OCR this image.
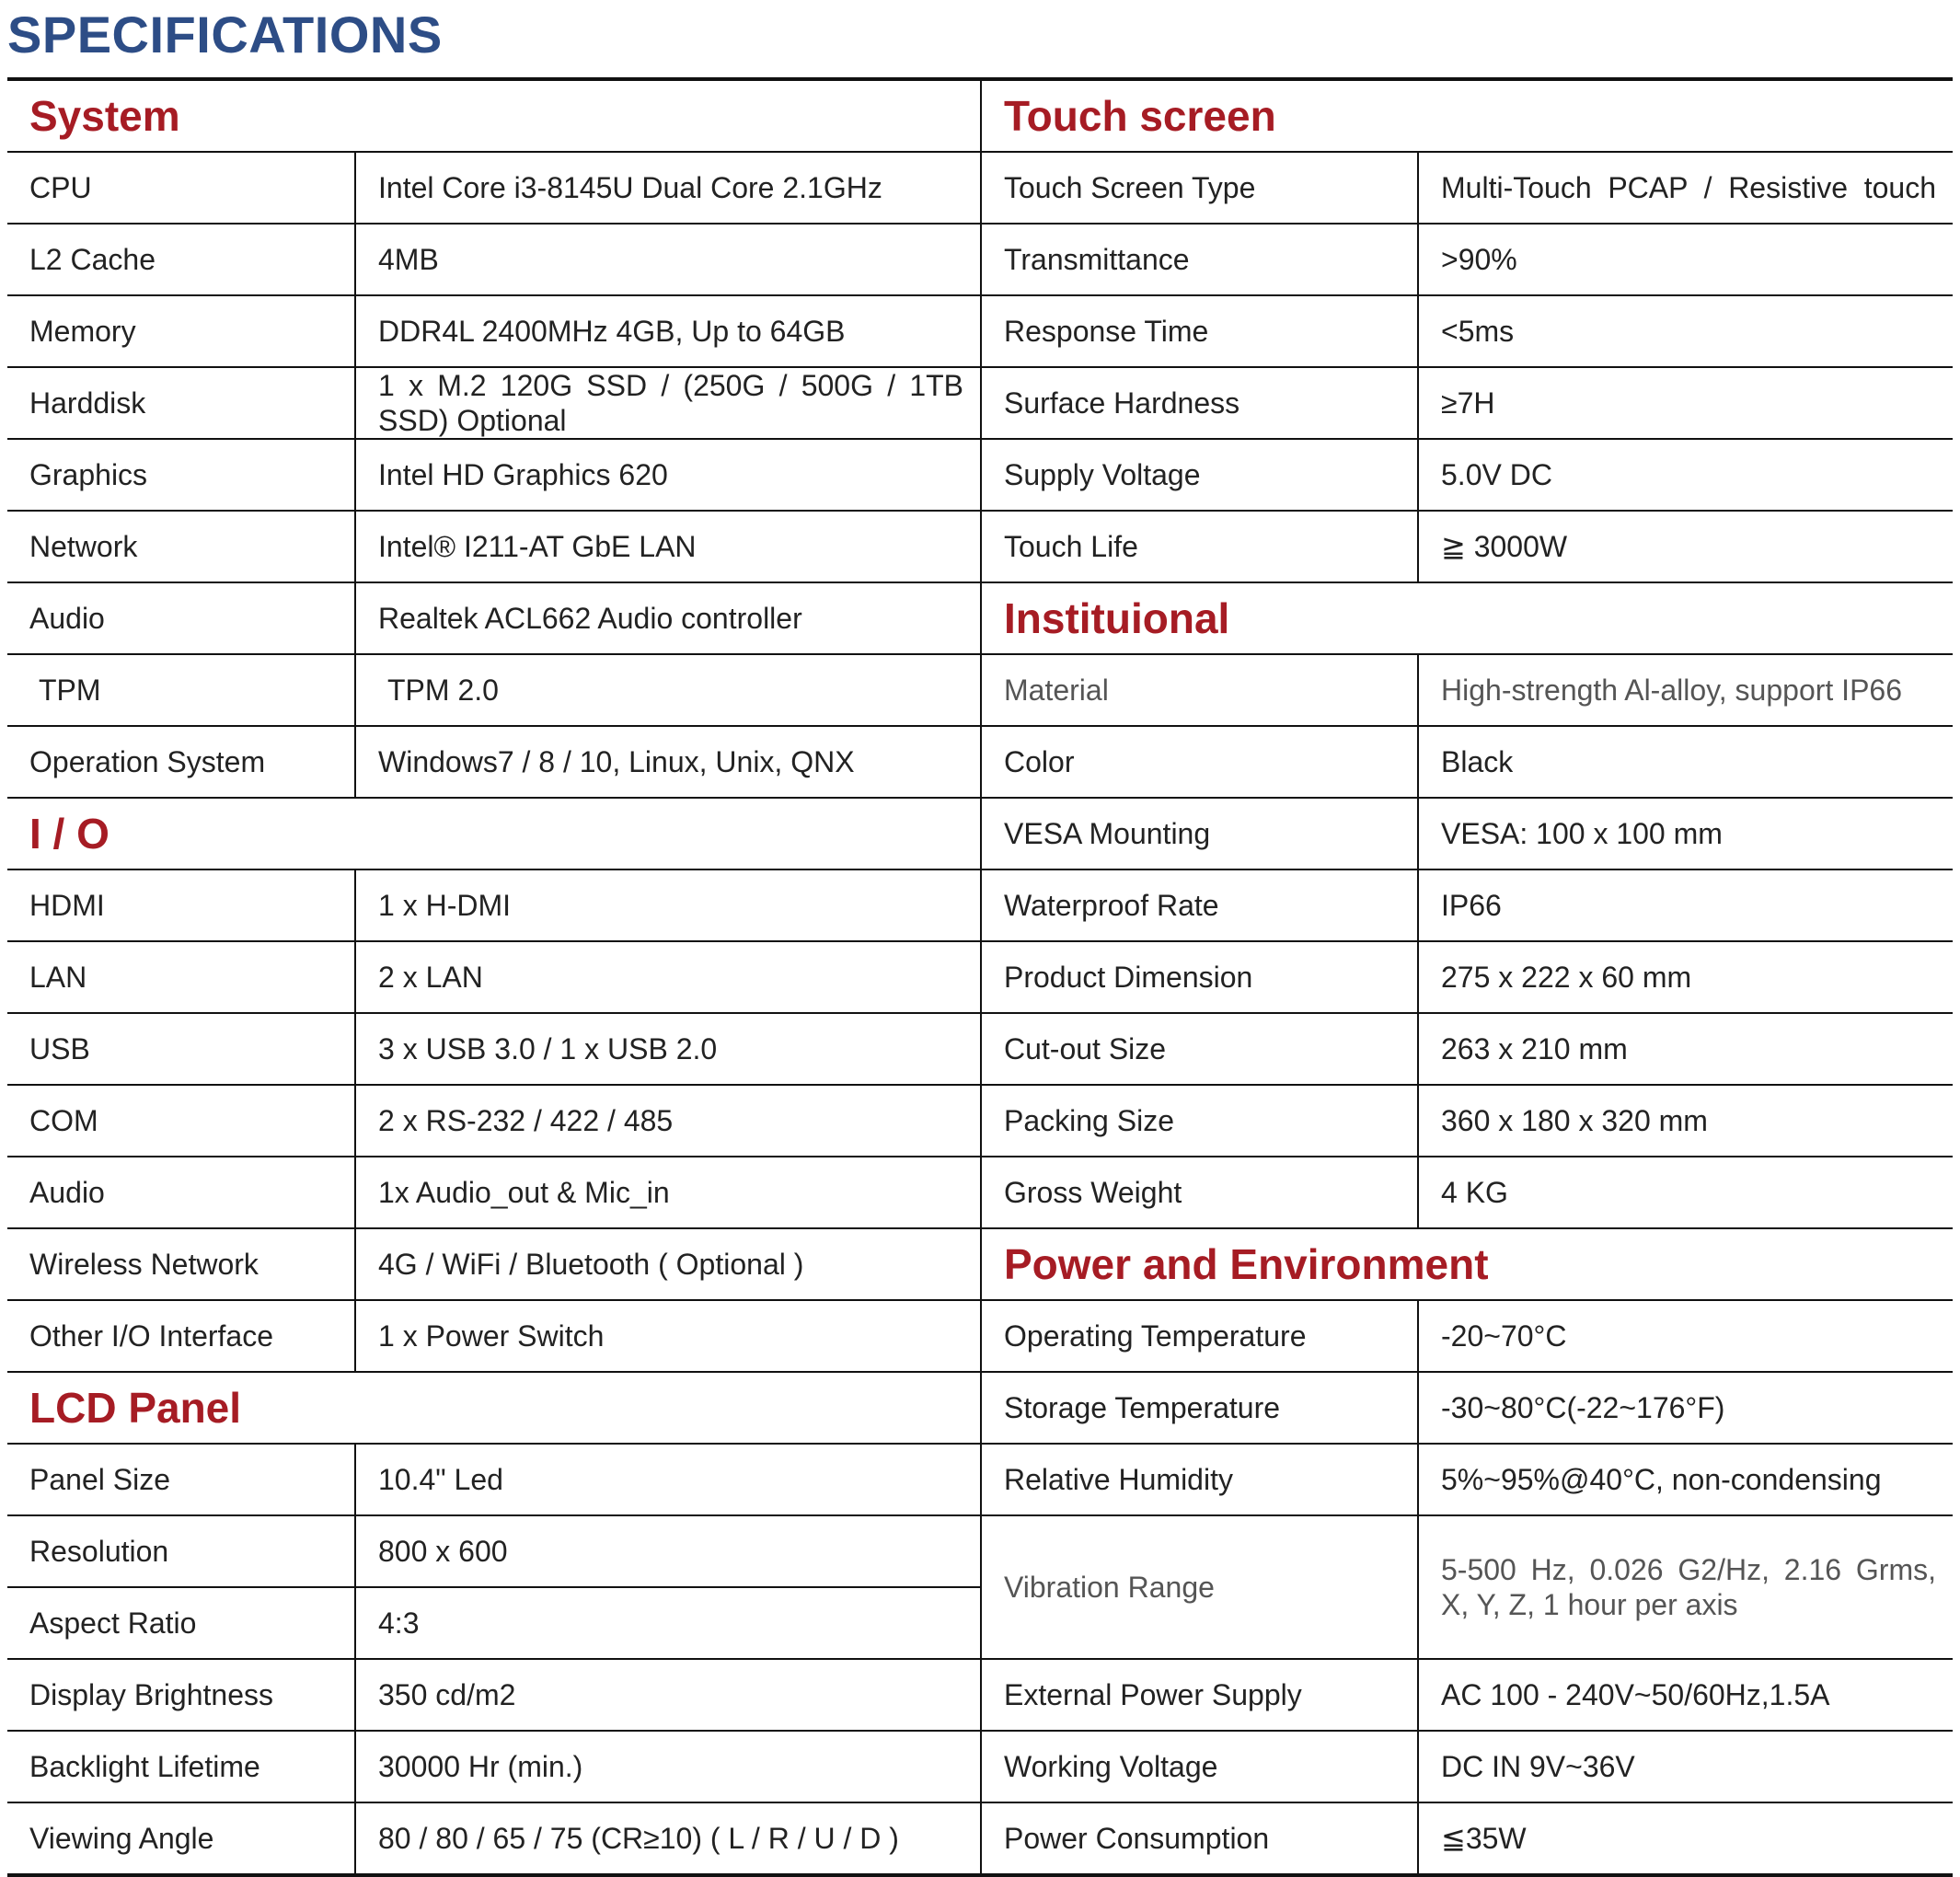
SPECIFICATIONS
System		Touch screen	
CPU	Intel Core i3-8145U Dual Core 2.1GHz	Touch Screen Type	Multi-Touch PCAP / Resistive touch
L2 Cache	4MB	Transmittance	>90%
Memory	DDR4L 2400MHz 4GB, Up to 64GB	Response Time	<5ms
Harddisk	1 x M.2 120G SSD / (250G / 500G / 1TB SSD) Optional	Surface Hardness	≥7H
Graphics	Intel HD Graphics 620	Supply Voltage	5.0V DC
Network	Intel® I211-AT GbE LAN	Touch Life	≧ 3000W
Audio	Realtek ACL662 Audio controller	Instituional	
TPM	TPM 2.0	Material	High-strength Al-alloy, support IP66
Operation System	Windows7 / 8 / 10, Linux, Unix, QNX	Color	Black
I / O		VESA Mounting	VESA: 100 x 100 mm
HDMI	1 x H-DMI	Waterproof Rate	IP66
LAN	2 x LAN	Product Dimension	275 x 222 x 60 mm
USB	3 x USB 3.0 / 1 x USB 2.0	Cut-out Size	263 x 210 mm
COM	2 x RS-232 / 422 / 485	Packing Size	360 x 180 x 320 mm
Audio	1x Audio_out & Mic_in	Gross Weight	4 KG
Wireless Network	4G / WiFi / Bluetooth ( Optional )	Power and Environment	
Other I/O Interface	1 x Power Switch	Operating Temperature	-20~70°C
LCD Panel		Storage Temperature	-30~80°C(-22~176°F)
Panel Size	10.4" Led	Relative Humidity	5%~95%@40°C, non-condensing
Resolution	800 x 600	Vibration Range	5-500 Hz, 0.026 G2/Hz, 2.16 Grms, X, Y, Z, 1 hour per axis
Aspect Ratio	4:3		
Display Brightness	350 cd/m2	External Power Supply	AC 100 - 240V~50/60Hz,1.5A
Backlight Lifetime	30000 Hr (min.)	Working Voltage	DC IN 9V~36V
Viewing Angle	80 / 80 / 65 / 75 (CR≥10) ( L / R / U / D )	Power Consumption	≦35W
